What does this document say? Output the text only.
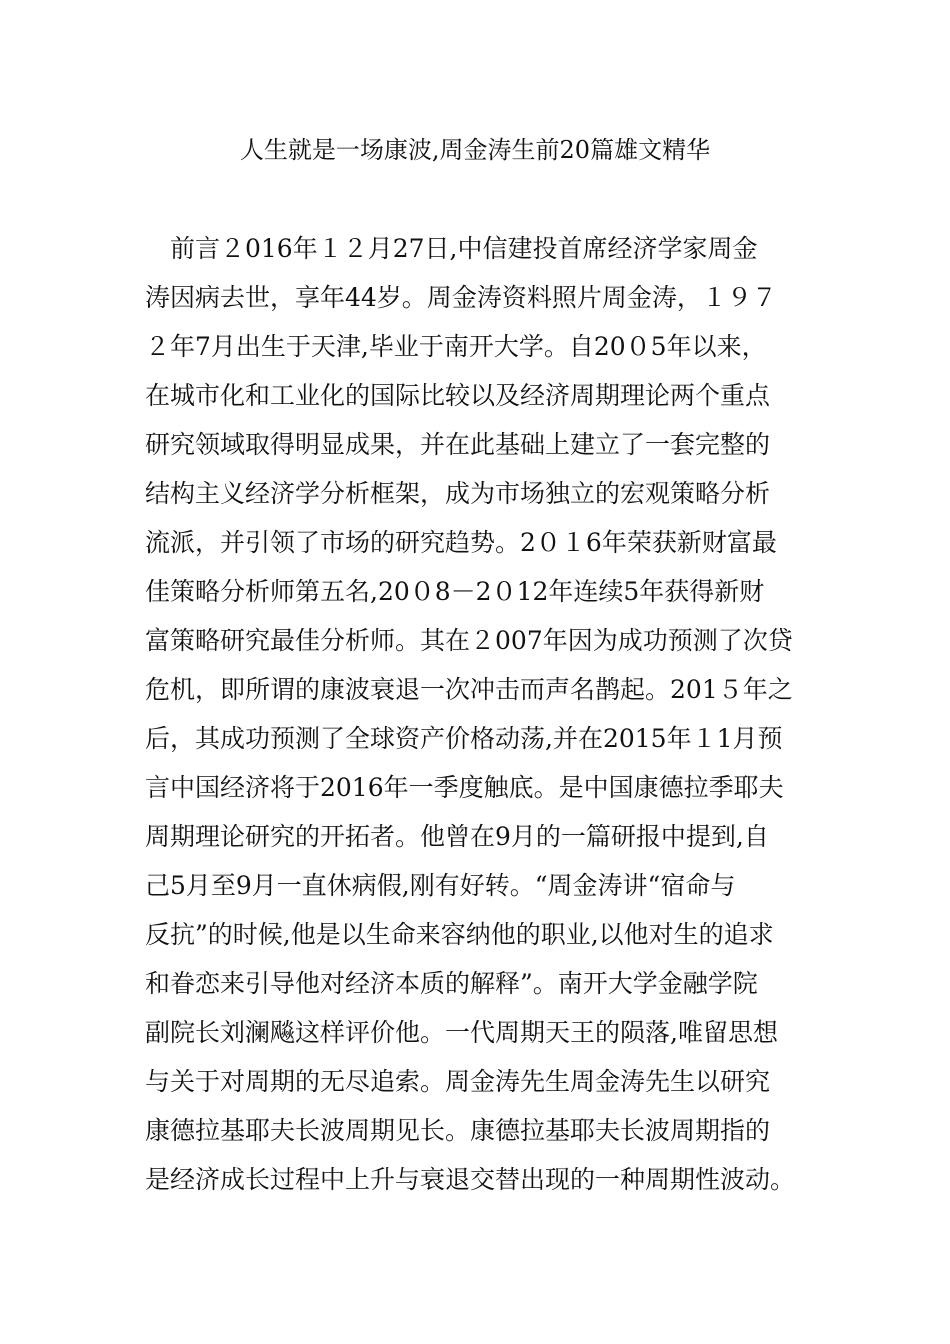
人生就是一场康波,周金涛生前20篇雄文精华
　前言２016年１２月27日,中信建投首席经济学家周金
涛因病去世，享年44岁。周金涛资料照片周金涛，１９７
２年7月出生于天津,毕业于南开大学。自20０5年以来，
在城市化和工业化的国际比较以及经济周期理论两个重点
研究领域取得明显成果，并在此基础上建立了一套完整的
结构主义经济学分析框架，成为市场独立的宏观策略分析
流派，并引领了市场的研究趋势。2０１6年荣获新财富最
佳策略分析师第五名,20０8－2０12年连续5年获得新财
富策略研究最佳分析师。其在２007年因为成功预测了次贷
危机，即所谓的康波衰退一次冲击而声名鹊起。201５年之
后，其成功预测了全球资产价格动荡,并在2015年１1月预
言中国经济将于2016年一季度触底。是中国康德拉季耶夫
周期理论研究的开拓者。他曾在9月的一篇研报中提到,自
己5月至9月一直休病假,刚有好转。“周金涛讲“宿命与
反抗”的时候,他是以生命来容纳他的职业,以他对生的追求
和眷恋来引导他对经济本质的解释”。南开大学金融学院
副院长刘澜飚这样评价他。一代周期天王的陨落,唯留思想
与关于对周期的无尽追索。周金涛先生周金涛先生以研究
康德拉基耶夫长波周期见长。康德拉基耶夫长波周期指的
是经济成长过程中上升与衰退交替出现的一种周期性波动。
